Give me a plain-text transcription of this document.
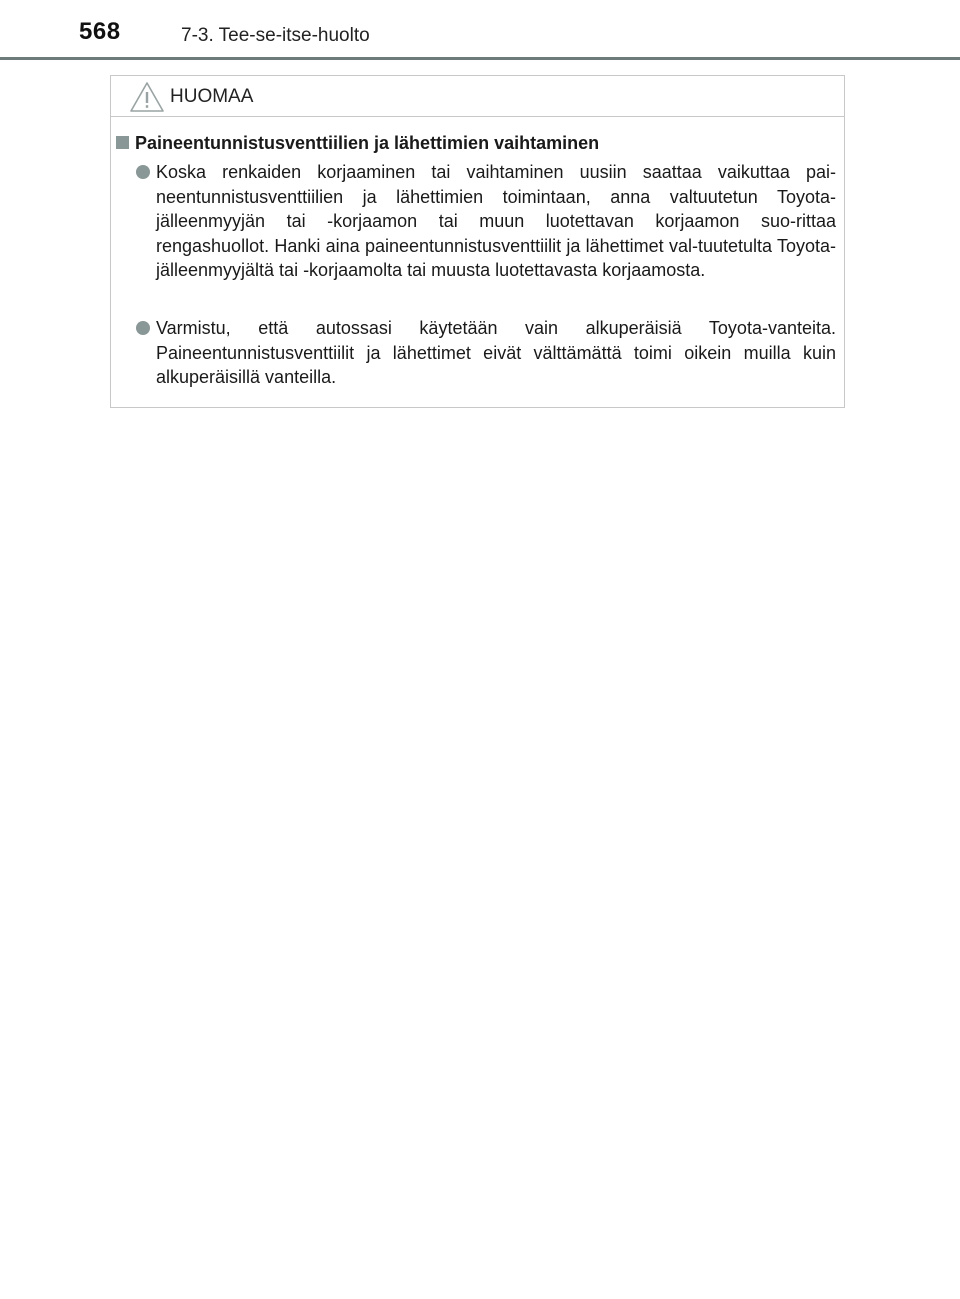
568	7-3. Tee-se-itse-huolto
HUOMAA
Paineentunnistusventtiilien ja lähettimien vaihtaminen
Koska renkaiden korjaaminen tai vaihtaminen uusiin saattaa vaikuttaa pai-neentunnistusventtiilien ja lähettimien toimintaan, anna valtuutetun Toyota-jälleenmyyjän tai -korjaamon tai muun luotettavan korjaamon suo-rittaa rengashuollot. Hanki aina paineentunnistusventtiilit ja lähettimet val-tuutetulta Toyota-jälleenmyyjältä tai -korjaamolta tai muusta luotettavasta korjaamosta.
Varmistu, että autossasi käytetään vain alkuperäisiä Toyota-vanteita. Paineentunnistusventtiilit ja lähettimet eivät välttämättä toimi oikein muilla kuin alkuperäisillä vanteilla.
